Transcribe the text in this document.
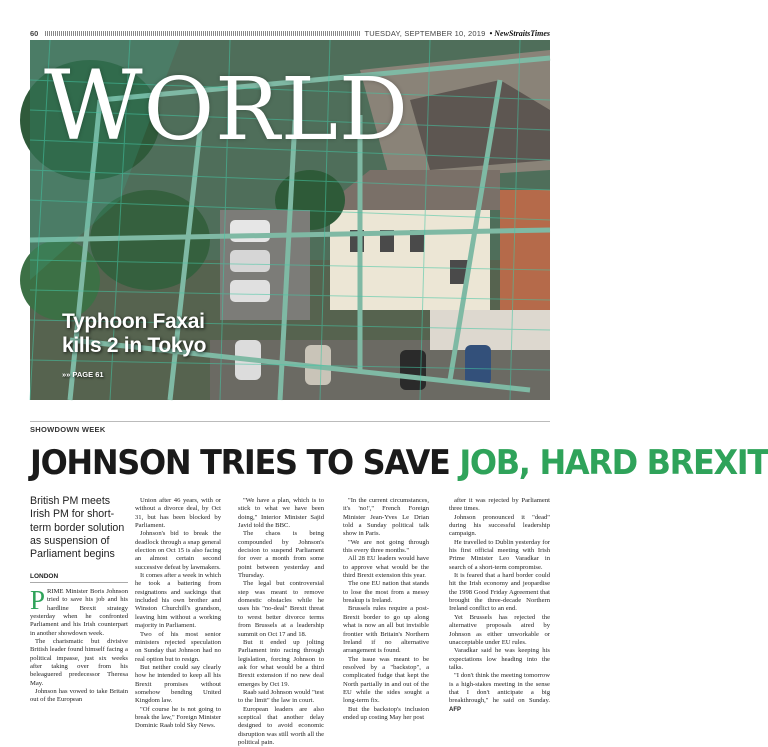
60	TUESDAY, SEPTEMBER 10, 2019 • NewStraitsTimes
WORLD
Typhoon Faxai
kills 2 in Tokyo
»» PAGE 61
SHOWDOWN WEEK
JOHNSON TRIES TO SAVE JOB, HARD BREXIT
British PM meets Irish PM for short-term border solution as suspension of Parliament begins
LONDON

PRIME Minister Boris Johnson tried to save his job and his hardline Brexit strategy yesterday when he confronted Parliament and his Irish counterpart in another showdown week.

The charismatic but divisive British leader found himself facing a political impasse, just six weeks after taking over from his beleaguered predecessor Theresa May.

Johnson has vowed to take Britain out of the European

Union after 46 years, with or without a divorce deal, by Oct 31, but has been blocked by Parliament.

Johnson's bid to break the deadlock through a snap general election on Oct 15 is also facing an almost certain second successive defeat by lawmakers.

It comes after a week in which he took a battering from resignations and sackings that included his own brother and Winston Churchill's grandson, leaving him without a working majority in Parliament.

Two of his most senior ministers rejected speculation on Sunday that Johnson had no real option but to resign.

But neither could say clearly how he intended to keep all his Brexit promises without somehow bending United Kingdom law.

"Of course he is not going to break the law," Foreign Minister Dominic Raab told Sky News.

"We have a plan, which is to stick to what we have been doing," Interior Minister Sajid Javid told the BBC.

The chaos is being compounded by Johnson's decision to suspend Parliament for over a month from some point between yesterday and Thursday.

The legal but controversial step was meant to remove domestic obstacles while he uses his "no-deal" Brexit threat to wrest better divorce terms from Brussels at a leadership summit on Oct 17 and 18.

But it ended up jolting Parliament into racing through legislation, forcing Johnson to ask for what would be a third Brexit extension if no new deal emerges by Oct 19.

Raab said Johnson would "test to the limit" the law in court.

European leaders are also sceptical that another delay designed to avoid economic disruption was still worth all the political pain.

"In the current circumstances, it's 'no!'," French Foreign Minister Jean-Yves Le Drian told a Sunday political talk show in Paris.

"We are not going through this every three months."

All 28 EU leaders would have to approve what would be the third Brexit extension this year.

The one EU nation that stands to lose the most from a messy breakup is Ireland.

Brussels rules require a post-Brexit border to go up along what is now an all but invisible frontier with Britain's Northern Ireland if no alternative arrangement is found.

The issue was meant to be resolved by a "backstop", a complicated fudge that kept the North partially in and out of the EU while the sides sought a long-term fix.

But the backstop's inclusion ended up costing May her post

after it was rejected by Parliament three times.

Johnson pronounced it "dead" during his successful leadership campaign.

He travelled to Dublin yesterday for his first official meeting with Irish Prime Minister Leo Varadkar in search of a short-term compromise.

It is feared that a hard border could hit the Irish economy and jeopardise the 1998 Good Friday Agreement that brought the three-decade Northern Ireland conflict to an end.

Yet Brussels has rejected the alternative proposals aired by Johnson as either unworkable or unacceptable under EU rules.

Varadkar said he was keeping his expectations low heading into the talks.

"I don't think the meeting tomorrow is a high-stakes meeting in the sense that I don't anticipate a big breakthrough," he said on Sunday. AFP
